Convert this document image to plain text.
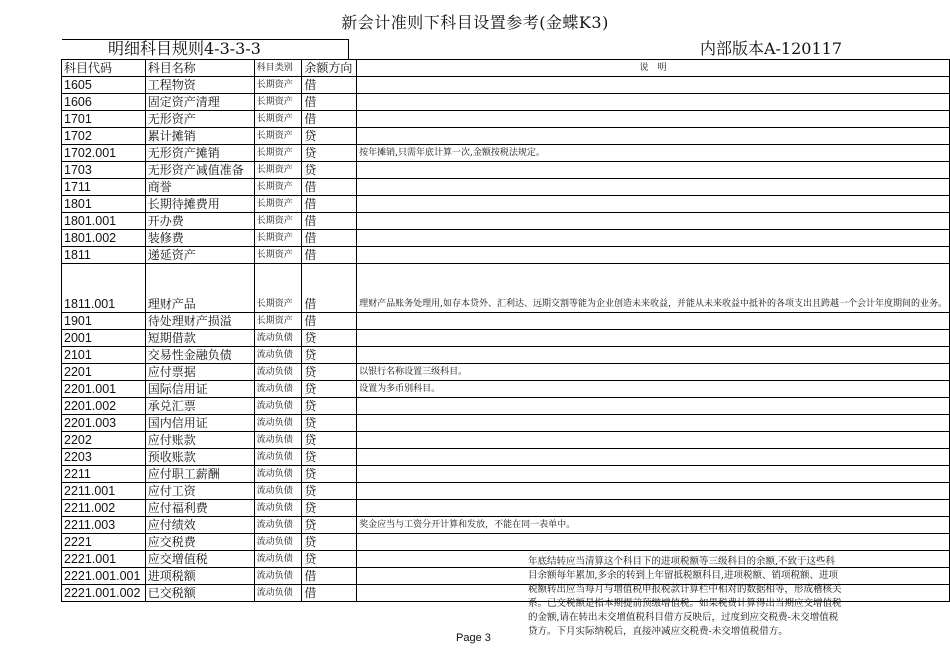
新会计准则下科目设置参考(金蝶K3)
明细科目规则4-3-3-3	内部版本A-120117
科目代码	科目名称	科目类别	余额方向	说　明
1605	工程物资	长期资产	借	
1606	固定资产清理	长期资产	借	
1701	无形资产	长期资产	借	
1702	累计摊销	长期资产	贷	
1702.001	无形资产摊销	长期资产	贷	按年摊销,只需年底计算一次,金额按税法规定。
1703	无形资产减值准备	长期资产	贷	
1711	商誉	长期资产	借	
1801	长期待摊费用	长期资产	借	
1801.001	开办费	长期资产	借	
1801.002	装修费	长期资产	借	
1811	递延资产	长期资产	借	
1811.001	理财产品	长期资产	借	理财产品账务处理用,如存本贷外、汇利达、远期交割等能为企业创造未来收益，并能从未来收益中抵补的各项支出且跨越一个会计年度期间的业务。
1901	待处理财产损溢	长期资产	借	
2001	短期借款	流动负债	贷	
2101	交易性金融负债	流动负债	贷	
2201	应付票据	流动负债	贷	以银行名称设置三级科目。
2201.001	国际信用证	流动负债	贷	设置为多币别科目。
2201.002	承兑汇票	流动负债	贷	
2201.003	国内信用证	流动负债	贷	
2202	应付账款	流动负债	贷	
2203	预收账款	流动负债	贷	
2211	应付职工薪酬	流动负债	贷	
2211.001	应付工资	流动负债	贷	
2211.002	应付福利费	流动负债	贷	
2211.003	应付绩效	流动负债	贷	奖金应当与工资分开计算和发放，不能在同一表单中。
2221	应交税费	流动负债	贷	
2221.001	应交增值税	流动负债	贷	
2221.001.001	进项税额	流动负债	借	
2221.001.002	已交税额	流动负债	借	
年底结转应当清算这个科目下的进项税额等三级科目的余额,不致于这些科目余额每年累加,多余的转到上年留抵税额科目,进项税额、销项税额、进项税额转出应当每月与增值税申报税款计算栏中相对的数据相等，形成稽核关系。已交税额是指本期提前预缴增值税。如果税费计算得出当期应交增值税的金额,请在转出未交增值税科目借方反映后，过度到应交税费-未交增值税贷方。下月实际纳税后，直接冲减应交税费-未交增值税借方。
Page 3
